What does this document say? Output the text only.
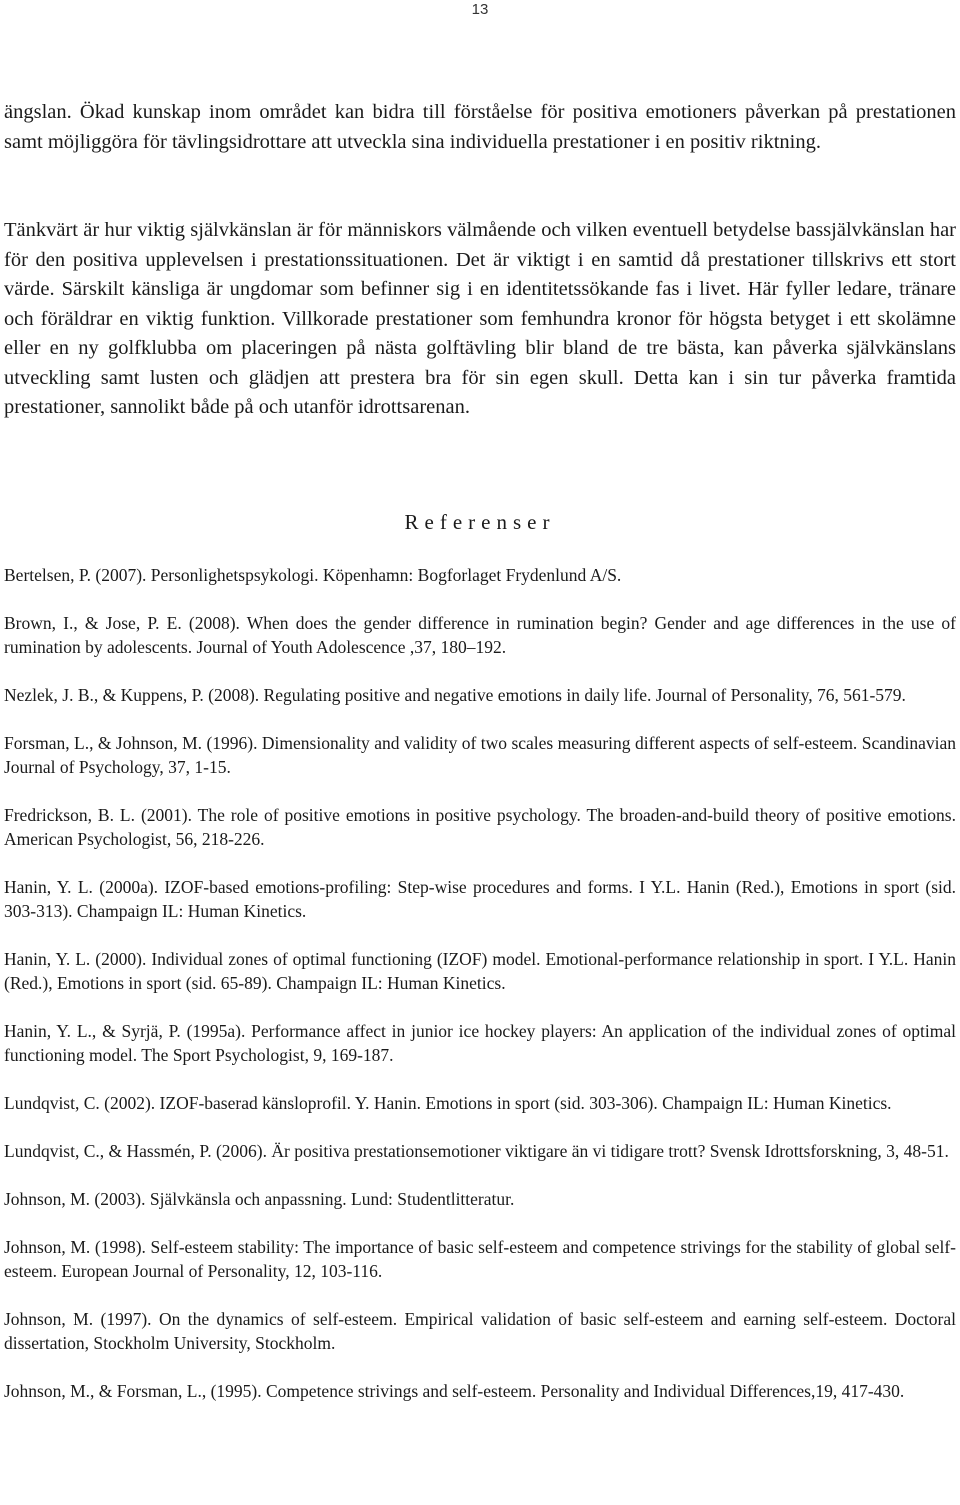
13

ängslan. Ökad kunskap inom området kan bidra till förståelse för positiva emotioners påverkan på prestationen samt möjliggöra för tävlingsidrottare att utveckla sina individuella prestationer i en positiv riktning.

Tänkvärt är hur viktig självkänslan är för människors välmående och vilken eventuell betydelse bassjälvkänslan har för den positiva upplevelsen i prestationssituationen. Det är viktigt i en samtid då prestationer tillskrivs ett stort värde. Särskilt känsliga är ungdomar som befinner sig i en identitetssökande fas i livet. Här fyller ledare, tränare och föräldrar en viktig funktion. Villkorade prestationer som femhundra kronor för högsta betyget i ett skolämne eller en ny golfklubba om placeringen på nästa golftävling blir bland de tre bästa, kan påverka självkänslans utveckling samt lusten och glädjen att prestera bra för sin egen skull. Detta kan i sin tur påverka framtida prestationer, sannolikt både på och utanför idrottsarenan.

Referenser
Bertelsen, P. (2007). Personlighetspsykologi. Köpenhamn: Bogforlaget Frydenlund A/S.
Brown, I., & Jose, P. E. (2008). When does the gender difference in rumination begin? Gender and age differences in the use of rumination by adolescents. Journal of Youth Adolescence ,37, 180–192.
Nezlek, J. B., & Kuppens, P. (2008). Regulating positive and negative emotions in daily life. Journal of Personality, 76, 561-579.
Forsman, L., & Johnson, M. (1996). Dimensionality and validity of two scales measuring different aspects of self-esteem. Scandinavian Journal of Psychology, 37, 1-15.
Fredrickson, B. L. (2001). The role of positive emotions in positive psychology. The broaden-and-build theory of positive emotions. American Psychologist, 56, 218-226.
Hanin, Y. L. (2000a). IZOF-based emotions-profiling: Step-wise procedures and forms. I Y.L. Hanin (Red.), Emotions in sport (sid. 303-313). Champaign IL: Human Kinetics.
Hanin, Y. L. (2000). Individual zones of optimal functioning (IZOF) model. Emotional-performance relationship in sport. I Y.L. Hanin (Red.), Emotions in sport (sid. 65-89). Champaign IL: Human Kinetics.
Hanin, Y. L., & Syrjä, P. (1995a). Performance affect in junior ice hockey players: An application of the individual zones of optimal functioning model. The Sport Psychologist, 9, 169-187.
Lundqvist, C. (2002). IZOF-baserad känsloprofil. Y. Hanin. Emotions in sport (sid. 303-306). Champaign IL: Human Kinetics.
Lundqvist, C., & Hassmén, P. (2006). Är positiva prestationsemotioner viktigare än vi tidigare trott? Svensk Idrottsforskning, 3, 48-51.
Johnson, M. (2003). Självkänsla och anpassning. Lund: Studentlitteratur.
Johnson, M. (1998). Self-esteem stability: The importance of basic self-esteem and competence strivings for the stability of global self-esteem. European Journal of Personality, 12, 103-116.
Johnson, M. (1997). On the dynamics of self-esteem. Empirical validation of basic self-esteem and earning self-esteem. Doctoral dissertation, Stockholm University, Stockholm.
Johnson, M., & Forsman, L., (1995). Competence strivings and self-esteem. Personality and Individual Differences,19, 417-430.
